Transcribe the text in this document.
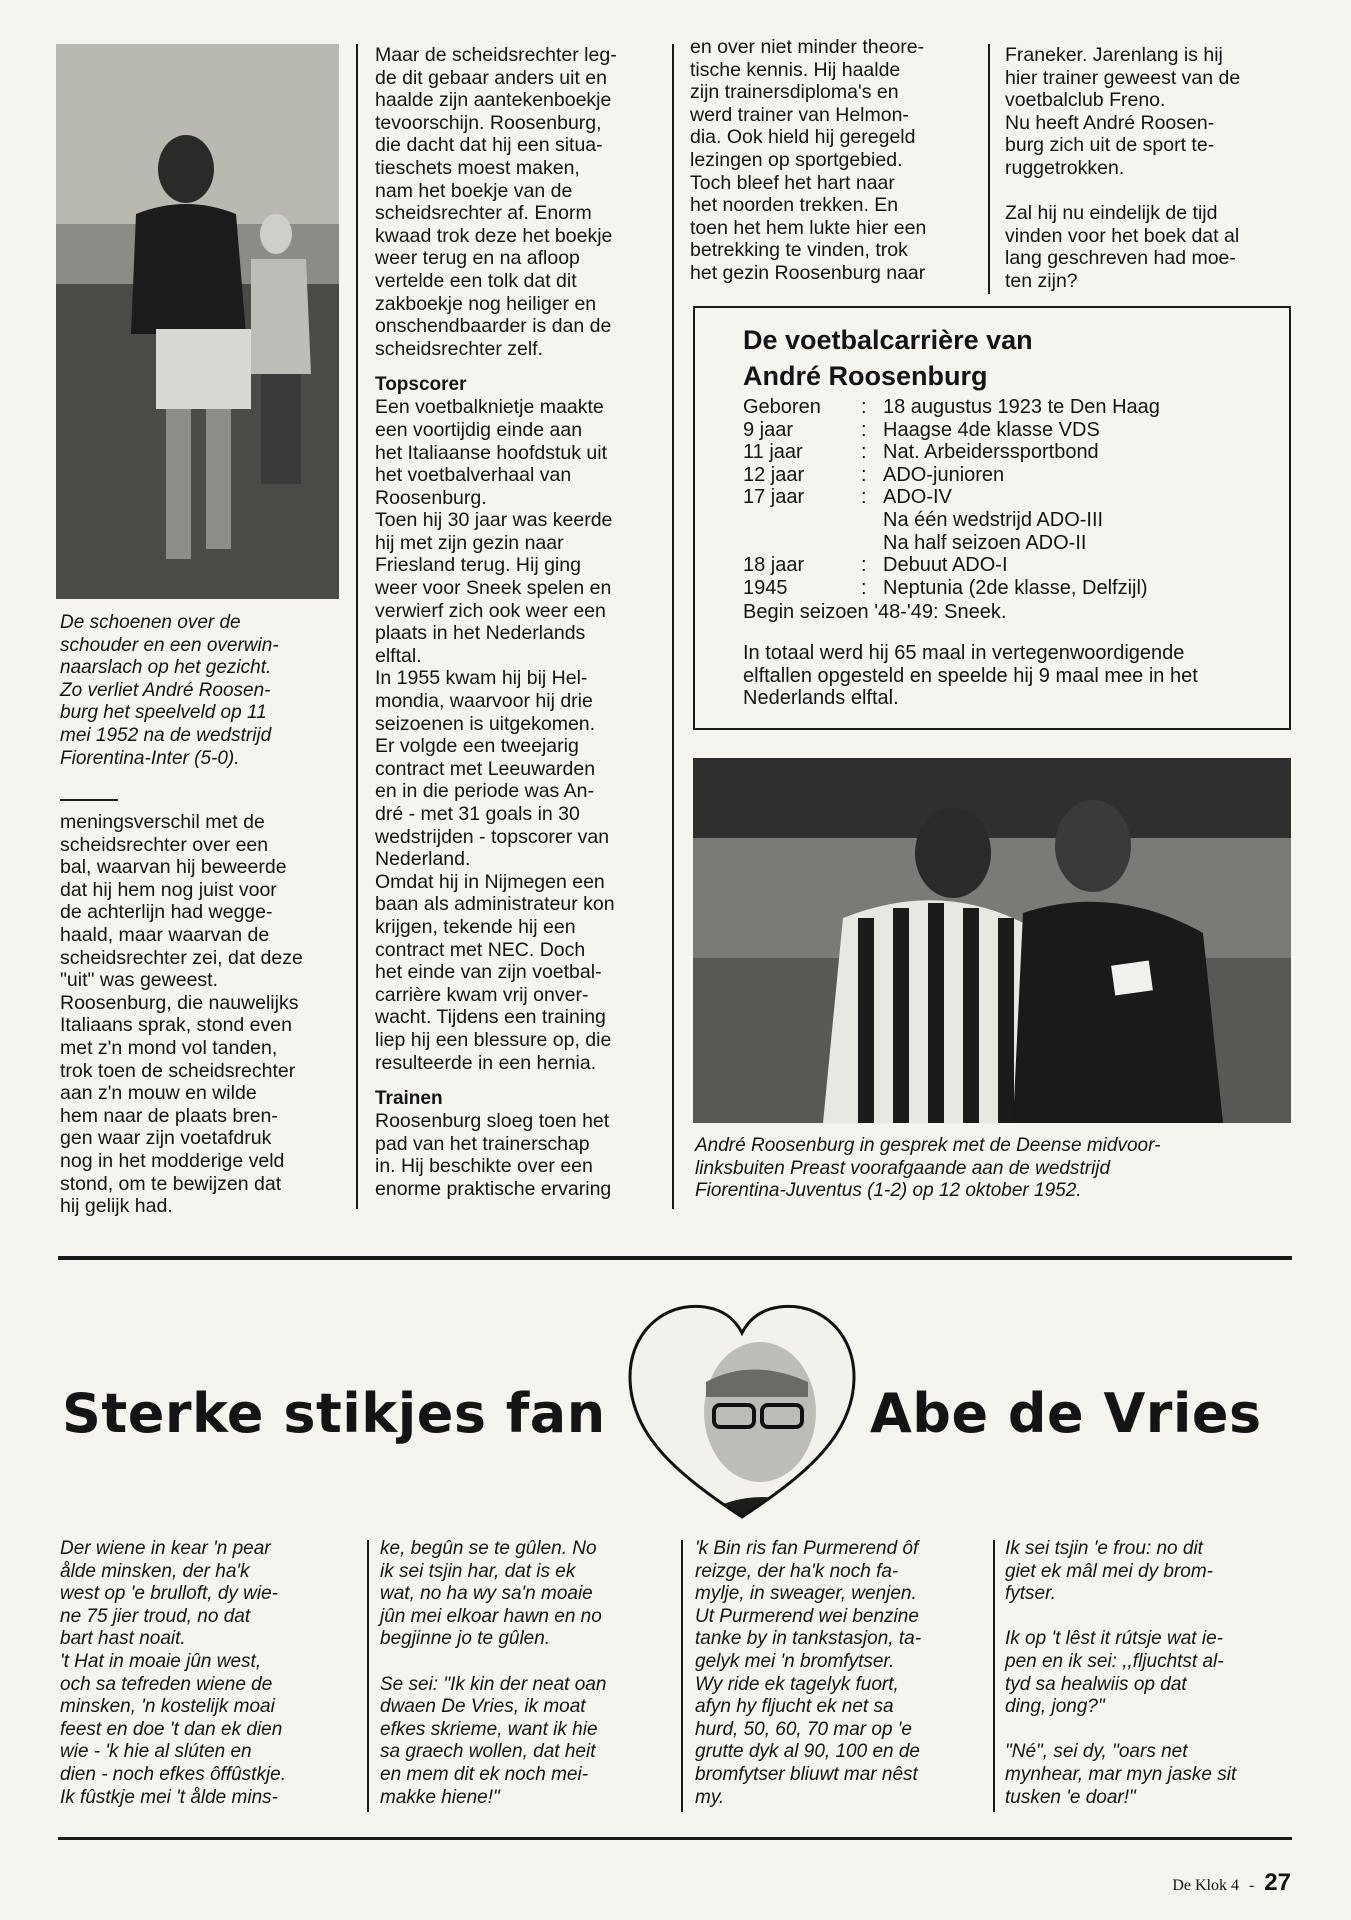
De schoenen over de
schouder en een overwin-
naarslach op het gezicht.
Zo verliet André Roosen-
burg het speelveld op 11
mei 1952 na de wedstrijd
Fiorentina-Inter (5-0).
meningsverschil met de
scheidsrechter over een
bal, waarvan hij beweerde
dat hij hem nog juist voor
de achterlijn had wegge-
haald, maar waarvan de
scheidsrechter zei, dat deze
"uit" was geweest.
Roosenburg, die nauwelijks
Italiaans sprak, stond even
met z'n mond vol tanden,
trok toen de scheidsrechter
aan z'n mouw en wilde
hem naar de plaats bren-
gen waar zijn voetafdruk
nog in het modderige veld
stond, om te bewijzen dat
hij gelijk had.
Maar de scheidsrechter leg-
de dit gebaar anders uit en
haalde zijn aantekenboekje
tevoorschijn. Roosenburg,
die dacht dat hij een situa-
tieschets moest maken,
nam het boekje van de
scheidsrechter af. Enorm
kwaad trok deze het boekje
weer terug en na afloop
vertelde een tolk dat dit
zakboekje nog heiliger en
onschendbaarder is dan de
scheidsrechter zelf.
Topscorer
Een voetbalknietje maakte
een voortijdig einde aan
het Italiaanse hoofdstuk uit
het voetbalverhaal van
Roosenburg.
Toen hij 30 jaar was keerde
hij met zijn gezin naar
Friesland terug. Hij ging
weer voor Sneek spelen en
verwierf zich ook weer een
plaats in het Nederlands
elftal.
In 1955 kwam hij bij Hel-
mondia, waarvoor hij drie
seizoenen is uitgekomen.
Er volgde een tweejarig
contract met Leeuwarden
en in die periode was An-
dré - met 31 goals in 30
wedstrijden - topscorer van
Nederland.
Omdat hij in Nijmegen een
baan als administrateur kon
krijgen, tekende hij een
contract met NEC. Doch
het einde van zijn voetbal-
carrière kwam vrij onver-
wacht. Tijdens een training
liep hij een blessure op, die
resulteerde in een hernia.
Trainen
Roosenburg sloeg toen het
pad van het trainerschap
in. Hij beschikte over een
enorme praktische ervaring
en over niet minder theore-
tische kennis. Hij haalde
zijn trainersdiploma's en
werd trainer van Helmon-
dia. Ook hield hij geregeld
lezingen op sportgebied.
Toch bleef het hart naar
het noorden trekken. En
toen het hem lukte hier een
betrekking te vinden, trok
het gezin Roosenburg naar
Franeker. Jarenlang is hij
hier trainer geweest van de
voetbalclub Freno.
Nu heeft André Roosen-
burg zich uit de sport te-
ruggetrokken.

Zal hij nu eindelijk de tijd
vinden voor het boek dat al
lang geschreven had moe-
ten zijn?
De voetbalcarrière van
André Roosenburg
Geboren	:	18 augustus 1923 te Den Haag
9 jaar	:	Haagse 4de klasse VDS
11 jaar	:	Nat. Arbeiderssportbond
12 jaar	:	ADO-junioren
17 jaar	:	ADO-IV
		Na één wedstrijd ADO-III
		Na half seizoen ADO-II
18 jaar	:	Debuut ADO-I
1945	:	Neptunia (2de klasse, Delfzijl)
Begin seizoen '48-'49: Sneek.
In totaal werd hij 65 maal in vertegenwoordigende
elftallen opgesteld en speelde hij 9 maal mee in het
Nederlands elftal.
André Roosenburg in gesprek met de Deense midvoor-
linksbuiten Preast voorafgaande aan de wedstrijd
Fiorentina-Juventus (1-2) op 12 oktober 1952.
Sterke stikjes fan	Abe de Vries
Der wiene in kear 'n pear
ålde minsken, der ha'k
west op 'e brulloft, dy wie-
ne 75 jier troud, no dat
bart hast noait.
't Hat in moaie jûn west,
och sa tefreden wiene de
minsken, 'n kostelijk moai
feest en doe 't dan ek dien
wie - 'k hie al slúten en
dien - noch efkes ôffûstkje.
Ik fûstkje mei 't ålde mins-
ke, begûn se te gûlen. No
ik sei tsjin har, dat is ek
wat, no ha wy sa'n moaie
jûn mei elkoar hawn en no
begjinne jo te gûlen.

Se sei: "Ik kin der neat oan
dwaen De Vries, ik moat
efkes skrieme, want ik hie
sa graech wollen, dat heit
en mem dit ek noch mei-
makke hiene!"
'k Bin ris fan Purmerend ôf
reizge, der ha'k noch fa-
mylje, in sweager, wenjen.
Ut Purmerend wei benzine
tanke by in tankstasjon, ta-
gelyk mei 'n bromfytser.
Wy ride ek tagelyk fuort,
afyn hy fljucht ek net sa
hurd, 50, 60, 70 mar op 'e
grutte dyk al 90, 100 en de
bromfytser bliuwt mar nêst
my.
Ik sei tsjin 'e frou: no dit
giet ek mâl mei dy brom-
fytser.

Ik op 't lêst it rútsje wat ie-
pen en ik sei: ,,fljuchtst al-
tyd sa healwiis op dat
ding, jong?"

"Né", sei dy, "oars net
mynhear, mar myn jaske sit
tusken 'e doar!"
De Klok 4 - 27
